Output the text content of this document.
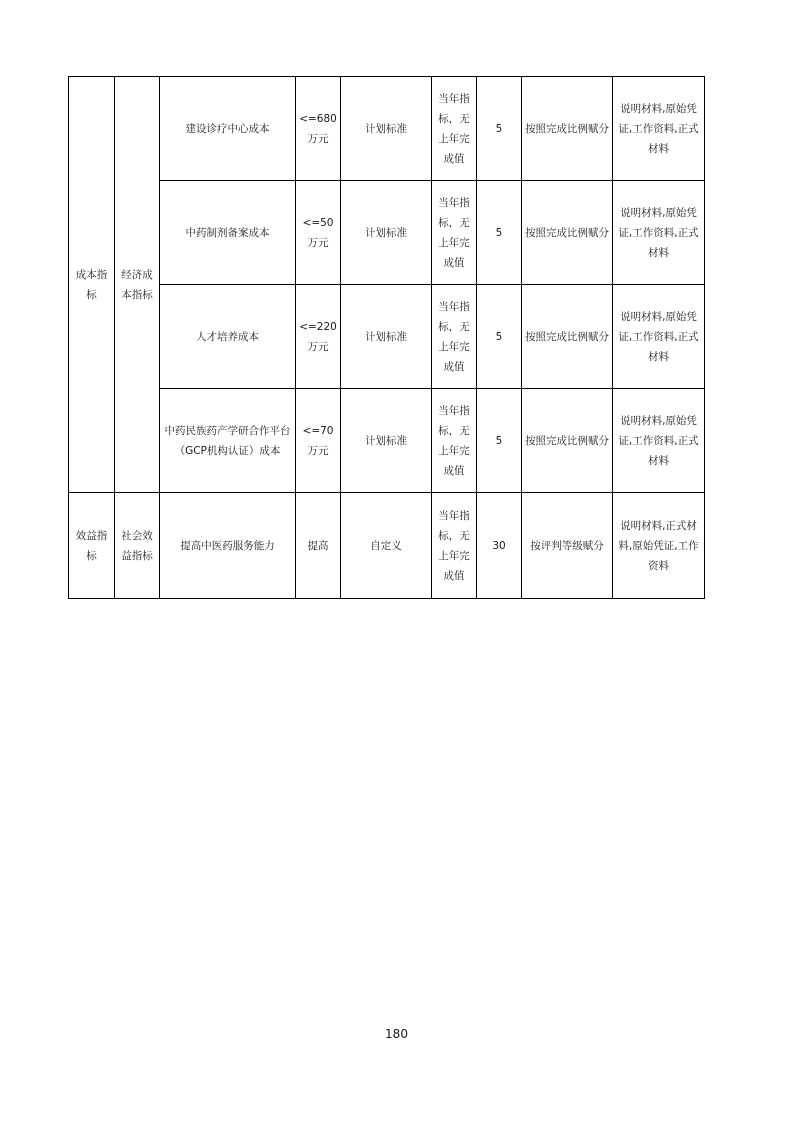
成本指标	经济成本指标	建设诊疗中心成本	<=680万元	计划标准	当年指标，无上年完成值	5	按照完成比例赋分	说明材料,原始凭证,工作资料,正式材料

		中药制剂备案成本	<=50万元	计划标准	当年指标，无上年完成值	5	按照完成比例赋分	说明材料,原始凭证,工作资料,正式材料

		人才培养成本	<=220万元	计划标准	当年指标，无上年完成值	5	按照完成比例赋分	说明材料,原始凭证,工作资料,正式材料

		中药民族药产学研合作平台（GCP机构认证）成本	<=70万元	计划标准	当年指标，无上年完成值	5	按照完成比例赋分	说明材料,原始凭证,工作资料,正式材料

效益指标	社会效益指标	提高中医药服务能力	提高	自定义	当年指标，无上年完成值	30	按评判等级赋分	说明材料,正式材料,原始凭证,工作资料
180
